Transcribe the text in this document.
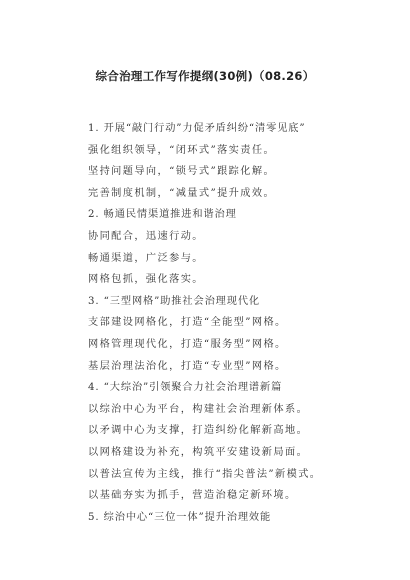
综合治理工作写作提纲(30例)（08.26）
1. 开展“敲门行动”力促矛盾纠纷“清零见底”
强化组织领导，“闭环式”落实责任。
坚持问题导向，“锁号式”跟踪化解。
完善制度机制，“减量式”提升成效。
2. 畅通民情渠道推进和谐治理
协同配合，迅速行动。
畅通渠道，广泛参与。
网格包抓，强化落实。
3. “三型网格”助推社会治理现代化
支部建设网格化，打造“全能型”网格。
网格管理现代化，打造“服务型”网格。
基层治理法治化，打造“专业型”网格。
4. “大综治”引领聚合力社会治理谱新篇
以综治中心为平台，构建社会治理新体系。
以矛调中心为支撑，打造纠纷化解新高地。
以网格建设为补充，构筑平安建设新局面。
以普法宣传为主线，推行“指尖普法”新模式。
以基础夯实为抓手，营造治稳定新环境。
5. 综治中心“三位一体”提升治理效能
